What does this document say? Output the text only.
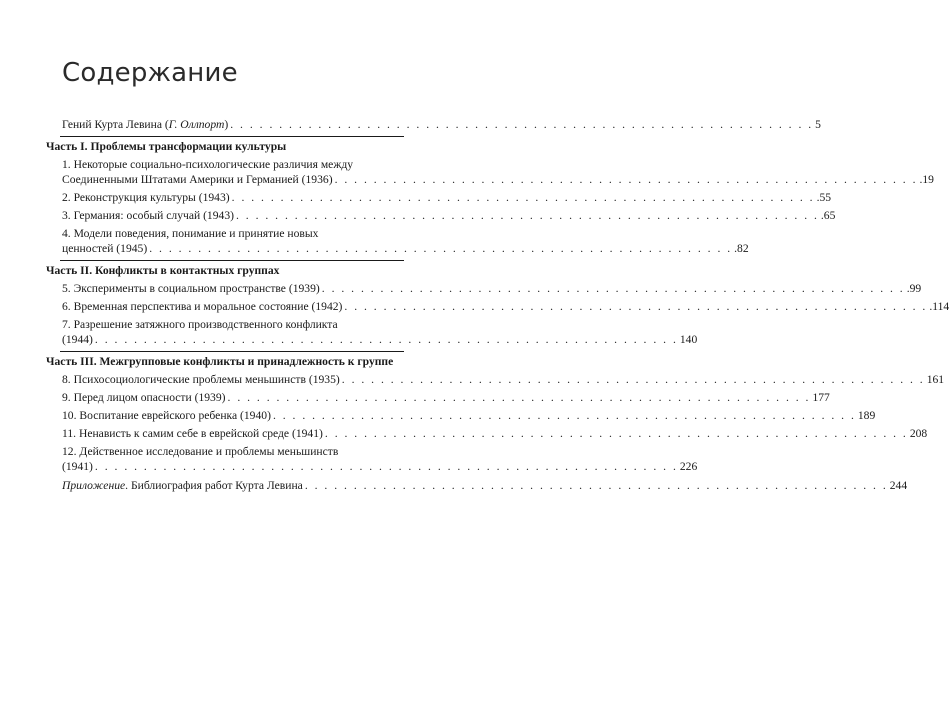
Содержание
Гений Курта Левина (Г. Оллпорт) . . .	5
Часть I. Проблемы трансформации культуры
1. Некоторые социально-психологические различия между
Соединенными Штатами Америки и Германией (1936) . . .	.19
2. Реконструкция культуры (1943) . . .	.55
3. Германия: особый случай (1943) . . .	.65
4. Модели поведения, понимание и принятие новых
ценностей (1945) . . .	.82
Часть II. Конфликты в контактных группах
5. Эксперименты в социальном пространстве (1939) . . .	.99
6. Временная перспектива и моральное состояние (1942) . . .	.114
7. Разрешение затяжного производственного конфликта
(1944) . . .	140
Часть III. Межгрупповые конфликты и принадлежность к группе
8. Психосоциологические проблемы меньшинств (1935) . . .	161
9. Перед лицом опасности (1939) . . .	177
10. Воспитание еврейского ребенка (1940) . . .	189
11. Ненависть к самим себе в еврейской среде (1941) . . .	208
12. Действенное исследование и проблемы меньшинств
(1941) . . .	226
Приложение. Библиография работ Курта Левина . . .	244
